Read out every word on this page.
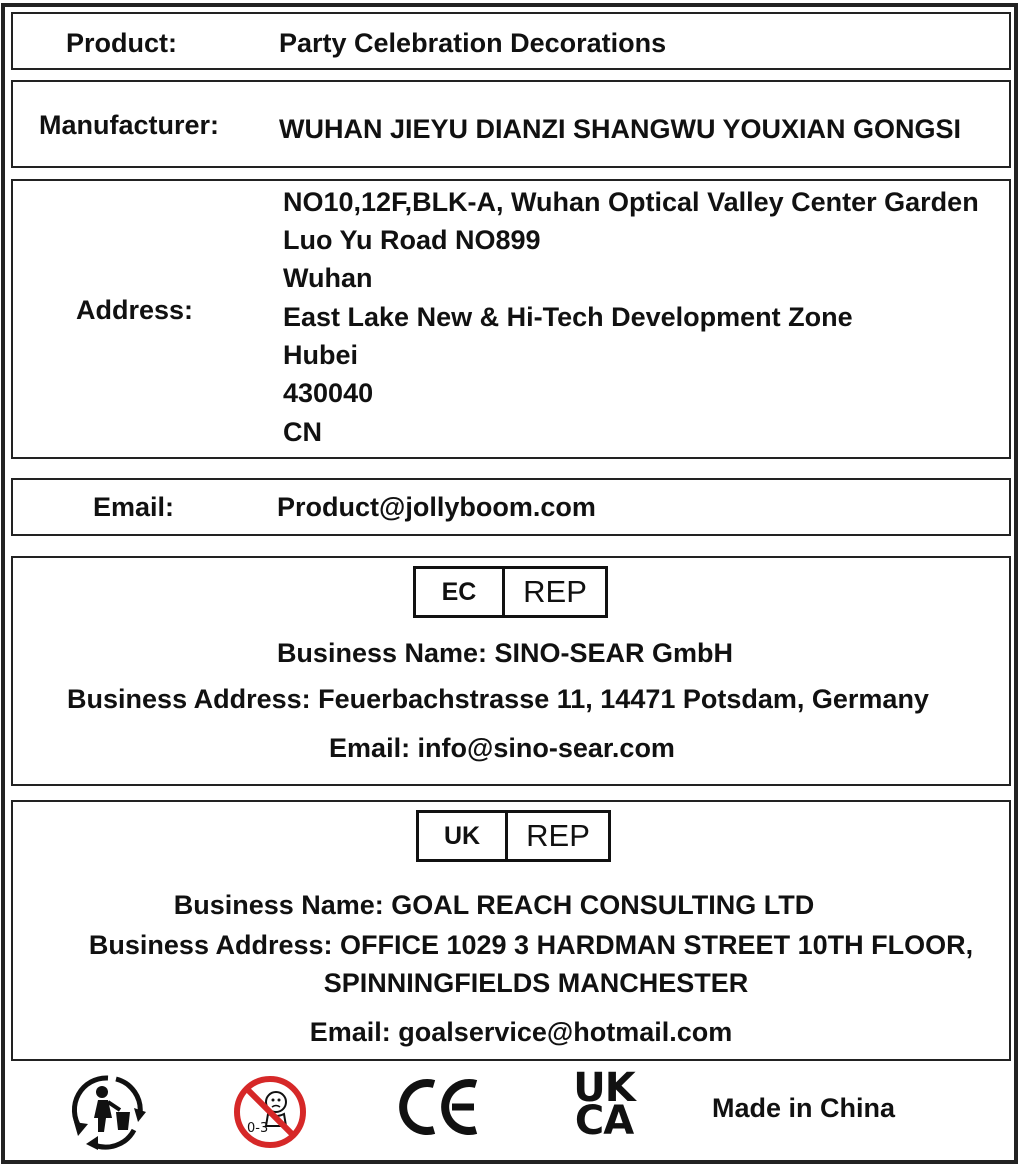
Product:	Party Celebration Decorations
Manufacturer: WUHAN JIEYU DIANZI SHANGWU YOUXIAN GONGSI
Address:
NO10,12F,BLK-A, Wuhan Optical Valley Center Garden
Luo Yu Road NO899
Wuhan
East Lake New & Hi-Tech Development Zone
Hubei
430040
CN
Email:	Product@jollyboom.com
EC	REP
Business Name: SINO-SEAR GmbH
Business Address: Feuerbachstrasse 11, 14471 Potsdam, Germany
Email: info@sino-sear.com
UK	REP
Business Name: GOAL REACH CONSULTING LTD
Business Address: OFFICE 1029 3 HARDMAN STREET 10TH FLOOR,
SPINNINGFIELDS MANCHESTER
Email: goalservice@hotmail.com
0-3
UK
CA	Made in China
